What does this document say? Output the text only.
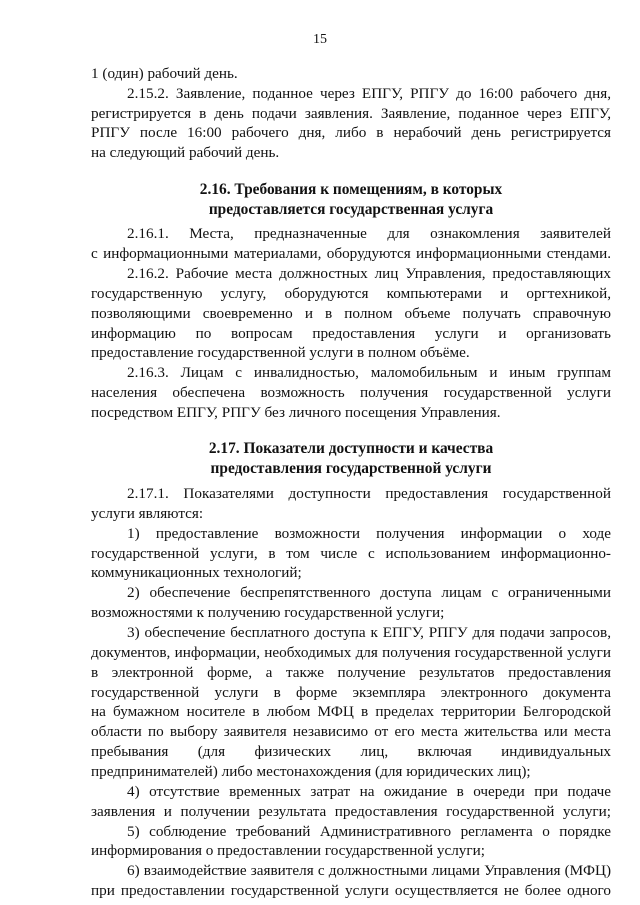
15
1 (один) рабочий день.
2.15.2. Заявление, поданное через ЕПГУ, РПГУ до 16:00 рабочего дня,
регистрируется в день подачи заявления. Заявление, поданное через ЕПГУ,
РПГУ после 16:00 рабочего дня, либо в нерабочий день регистрируется
на следующий рабочий день.
2.16. Требования к помещениям, в которых
предоставляется государственная услуга
2.16.1. Места, предназначенные для ознакомления заявителей
с информационными материалами, оборудуются информационными стендами.
2.16.2. Рабочие места должностных лиц Управления, предоставляющих
государственную услугу, оборудуются компьютерами и оргтехникой,
позволяющими своевременно и в полном объеме получать справочную
информацию по вопросам предоставления услуги и организовать
предоставление государственной услуги в полном объёме.
2.16.3. Лицам с инвалидностью, маломобильным и иным группам
населения обеспечена возможность получения государственной услуги
посредством ЕПГУ, РПГУ без личного посещения Управления.
2.17. Показатели доступности и качества
предоставления государственной услуги
2.17.1. Показателями доступности предоставления государственной
услуги являются:
1) предоставление возможности получения информации о ходе
государственной услуги, в том числе с использованием информационно-
коммуникационных технологий;
2) обеспечение беспрепятственного доступа лицам с ограниченными
возможностями к получению государственной услуги;
3) обеспечение бесплатного доступа к ЕПГУ, РПГУ для подачи запросов,
документов, информации, необходимых для получения государственной услуги
в электронной форме, а также получение результатов предоставления
государственной услуги в форме экземпляра электронного документа
на бумажном носителе в любом МФЦ в пределах территории Белгородской
области по выбору заявителя независимо от его места жительства или места
пребывания (для физических лиц, включая индивидуальных
предпринимателей) либо местонахождения (для юридических лиц);
4) отсутствие временных затрат на ожидание в очереди при подаче
заявления и получении результата предоставления государственной услуги;
5) соблюдение требований Административного регламента о порядке
информирования о предоставлении государственной услуги;
6) взаимодействие заявителя с должностными лицами Управления (МФЦ)
при предоставлении государственной услуги осуществляется не более одного
